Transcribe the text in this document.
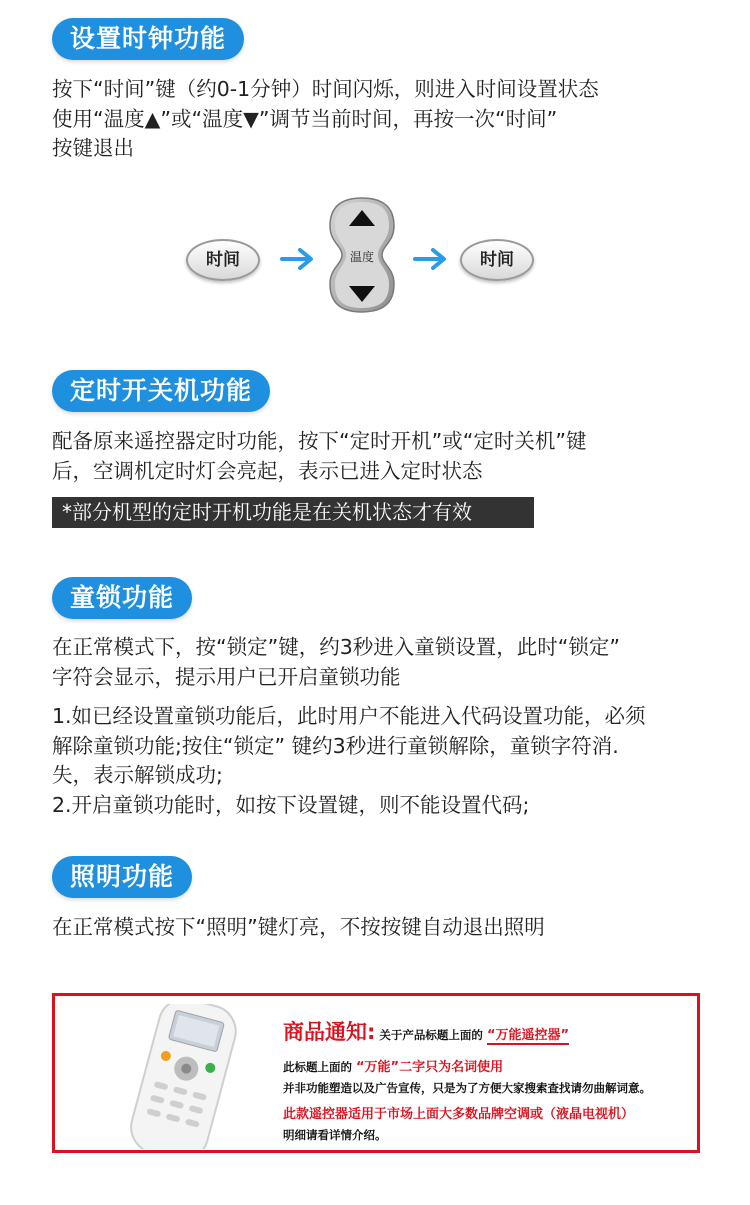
设置时钟功能

按下“时间”键（约0-1分钟）时间闪烁，则进入时间设置状态
使用“温度▲”或“温度▼”调节当前时间，再按一次“时间”
按键退出

时间	温度	时间
定时开关机功能

配备原来遥控器定时功能，按下“定时开机”或“定时关机”键
后，空调机定时灯会亮起，表示已进入定时状态

*部分机型的定时开机功能是在关机状态才有效
童锁功能

在正常模式下，按“锁定”键，约3秒进入童锁设置，此时“锁定”
字符会显示，提示用户已开启童锁功能

1.如已经设置童锁功能后，此时用户不能进入代码设置功能，必须
解除童锁功能;按住“锁定” 键约3秒进行童锁解除，童锁字符消.
失，表示解锁成功;
2.开启童锁功能时，如按下设置键，则不能设置代码;

照明功能

在正常模式按下“照明”键灯亮，不按按键自动退出照明

商品通知: 关于产品标题上面的 “万能遥控器”
此标题上面的 “万能”二字只为名词使用
并非功能塑造以及广告宣传，只是为了方便大家搜索查找请勿曲解词意。
此款遥控器适用于市场上面大多数品牌空调或（液晶电视机）
明细请看详情介绍。
